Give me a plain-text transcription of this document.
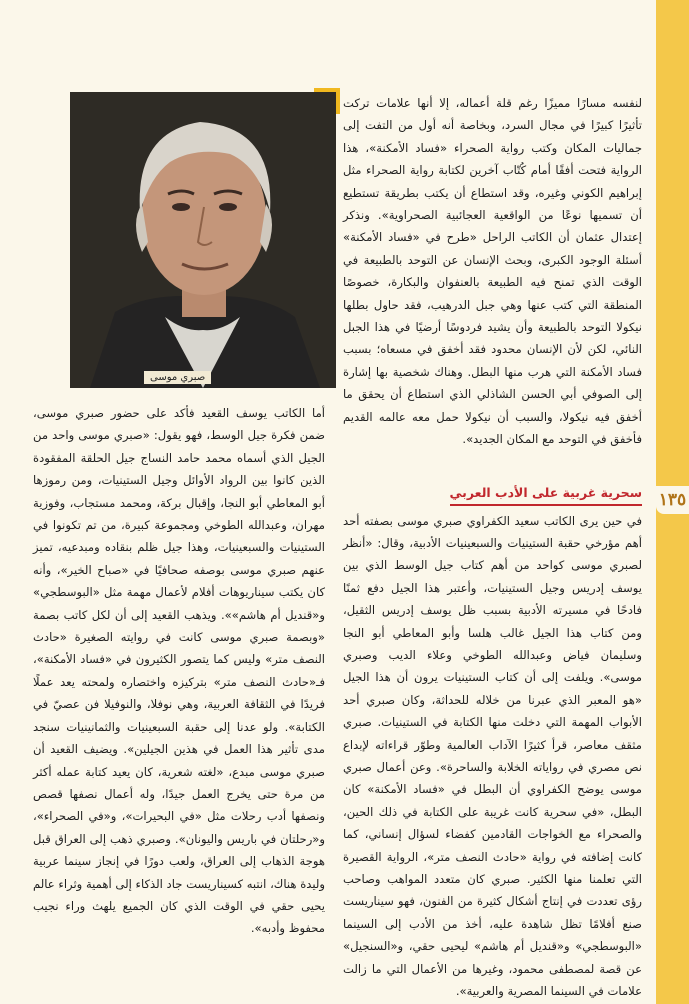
١٣٥

لنفسه مسارًا مميزًا رغم قلة أعماله، إلا أنها علامات تركت تأثيرًا كبيرًا في مجال السرد، وبخاصة أنه أول من التفت إلى جماليات المكان وكتب رواية الصحراء «فساد الأمكنة»، هذا الرواية فتحت أفقًا أمام كُتّاب آخرين لكتابة رواية الصحراء مثل إبراهيم الكوني وغيره، وقد استطاع أن يكتب بطريقة تستطيع أن تسميها نوعًا من الواقعية العجائبية الصحراوية». ونذكر إعتدال عثمان أن الكاتب الراحل «طرح في «فساد الأمكنة» أسئلة الوجود الكبرى، وبحث الإنسان عن التوحد بالطبيعة في الوقت الذي تمنح فيه الطبيعة بالعنفوان والبكارة، خصوصًا المنطقة التي كتب عنها وهي جبل الدرهيب، فقد حاول بطلها نيكولا التوحد بالطبيعة وأن يشيد فردوسًا أرضيًا في هذا الجبل النائي، لكن لأن الإنسان محدود فقد أخفق في مسعاه؛ بسبب فساد الأمكنة التي هرب منها البطل. وهناك شخصية بها إشارة إلى الصوفي أبي الحسن الشاذلي الذي استطاع أن يحقق ما أخفق فيه نيكولا، والسبب أن نيكولا حمل معه عالمه القديم فأخفق في التوحد مع المكان الجديد».

سحرية غربية على الأدب العربي

في حين يرى الكاتب سعيد الكفراوي صبري موسى بصفته أحد أهم مؤرخي حقبة الستينيات والسبعينيات الأدبية، وقال: «أنظر لصبري موسى كواحد من أهم كتاب جيل الوسط الذي بين يوسف إدريس وجيل الستينيات، وأعتبر هذا الجيل دفع ثمنًا فادحًا في مسيرته الأدبية بسبب ظل يوسف إدريس الثقيل، ومن كتاب هذا الجيل غالب هلسا وأبو المعاطي أبو النجا وسليمان فياض وعبدالله الطوخي وعلاء الديب وصبري موسى». ويلفت إلى أن كتاب الستينيات يرون أن هذا الجيل «هو المعبر الذي عبرنا من خلاله للحداثة، وكان صبري أحد الأبواب المهمة التي دخلت منها الكتابة في الستينيات. صبري مثقف معاصر، قرأ كثيرًا الآداب العالمية وطوّر قراءاته لإبداع نص مصري في رواياته الخلابة والساحرة». وعن أعمال صبري موسى يوضح الكفراوي أن البطل في «فساد الأمكنة» كان البطل، «في سحرية كانت غريبة على الكتابة في ذلك الحين، والصحراء مع الخواجات القادمين كفضاء لسؤال إنساني، كما كانت إضافته في رواية «حادث النصف متر»، الرواية القصيرة التي تعلمنا منها الكثير. صبري كان متعدد المواهب وصاحب رؤى تعددت في إنتاج أشكال كثيرة من الفنون، فهو سيناريست صنع أفلامًا تظل شاهدة عليه، أخذ من الأدب إلى السينما «البوسطجي» و«قنديل أم هاشم» ليحيى حقي، و«السنجيل» عن قصة لمصطفى محمود، وغيرها من الأعمال التي ما زالت علامات في السينما المصرية والعربية».

صبري موسى

أما الكاتب يوسف القعيد فأكد على حضور صبري موسى، ضمن فكرة جيل الوسط، فهو يقول: «صبري موسى واحد من الجيل الذي أسماه محمد حامد النساج جيل الحلقة المفقودة الذين كانوا بين الرواد الأوائل وجيل الستينيات، ومن رموزها أبو المعاطي أبو النجا، وإقبال بركة، ومحمد مستجاب، وفوزية مهران، وعبدالله الطوخي ومجموعة كبيرة، من تم تكونوا في الستينيات والسبعينيات، وهذا جيل ظلم بنقاده ومبدعيه، تميز عنهم صبري موسى بوصفه صحافيًا في «صباح الخير»، وأنه كان يكتب سيناريوهات أفلام لأعمال مهمة مثل «البوسطجي» و«قنديل أم هاشم»». ويذهب القعيد إلى أن لكل كاتب بصمة «وبصمة صبري موسى كانت في روايته الصغيرة «حادث النصف متر» وليس كما يتصور الكثيرون في «فساد الأمكنة»، فـ«حادث النصف متر» بتركيزه واختصاره ولمحته يعد عملًا فريدًا في الثقافة العربية، وهي نوفلا، والنوفيلا فن عصيّ في الكتابة». ولو عدنا إلى حقبة السبعينيات والثمانينيات سنجد مدى تأثير هذا العمل في هذين الجيلين». ويضيف القعيد أن صبري موسى مبدع، «لغته شعرية، كان يعيد كتابة عمله أكثر من مرة حتى يخرج العمل جيدًا، وله أعمال نصفها قصص ونصفها أدب رحلات مثل «في البحيرات»، و«في الصحراء»، و«رحلتان في باريس واليونان». وصبري ذهب إلى العراق قبل هوجة الذهاب إلى العراق، ولعب دورًا في إنجاز سينما عربية وليدة هناك، انتبه كسيناريست جاد الذكاء إلى أهمية وثراء عالم يحيى حقي في الوقت الذي كان الجميع يلهث وراء نجيب محفوظ وأدبه».
